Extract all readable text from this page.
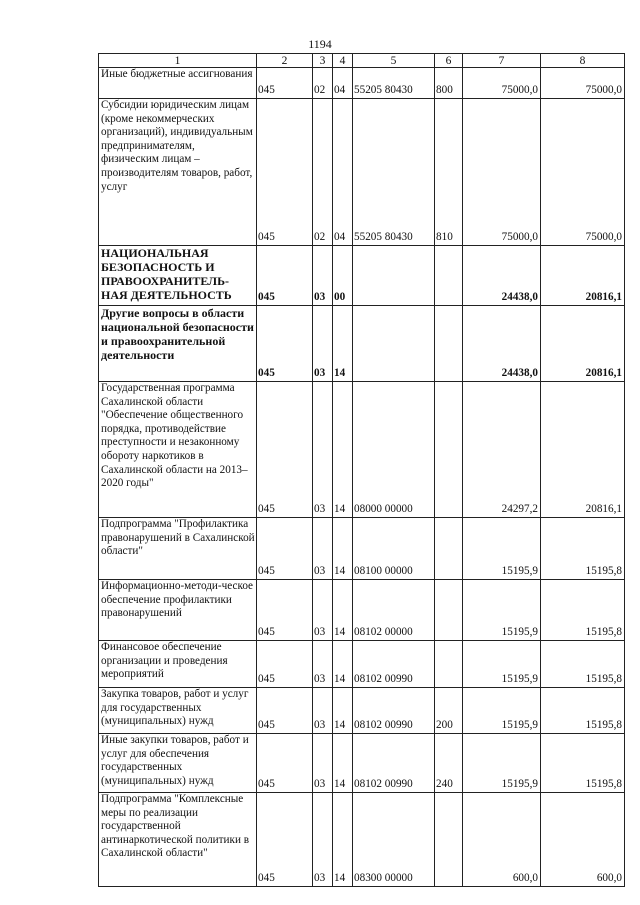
1194
1	2	3	4	5	6	7	8
Иные бюджетные ассигнования	045	02	04	55205 80430	800	75000,0	75000,0
Субсидии юридическим лицам (кроме некоммерческих организаций), индивидуальным предпринимателям, физическим лицам – производителям товаров, работ, услуг	045	02	04	55205 80430	810	75000,0	75000,0
НАЦИОНАЛЬНАЯ БЕЗОПАСНОСТЬ И ПРАВООХРАНИТЕЛЬ-НАЯ ДЕЯТЕЛЬНОСТЬ	045	03	00			24438,0	20816,1
Другие вопросы в области национальной безопасности и правоохранительной деятельности	045	03	14			24438,0	20816,1
Государственная программа Сахалинской области "Обеспечение общественного порядка, противодействие преступности и незаконному обороту наркотиков в Сахалинской области на 2013–2020 годы"	045	03	14	08000 00000		24297,2	20816,1
Подпрограмма "Профилактика правонарушений в Сахалинской области"	045	03	14	08100 00000		15195,9	15195,8
Информационно-методи-ческое обеспечение профилактики правонарушений	045	03	14	08102 00000		15195,9	15195,8
Финансовое обеспечение организации и проведения мероприятий	045	03	14	08102 00990		15195,9	15195,8
Закупка товаров, работ и услуг для государственных (муниципальных) нужд	045	03	14	08102 00990	200	15195,9	15195,8
Иные закупки товаров, работ и услуг для обеспечения государственных (муниципальных) нужд	045	03	14	08102 00990	240	15195,9	15195,8
Подпрограмма "Комплексные меры по реализации государственной антинаркотической политики в Сахалинской области"	045	03	14	08300 00000		600,0	600,0
